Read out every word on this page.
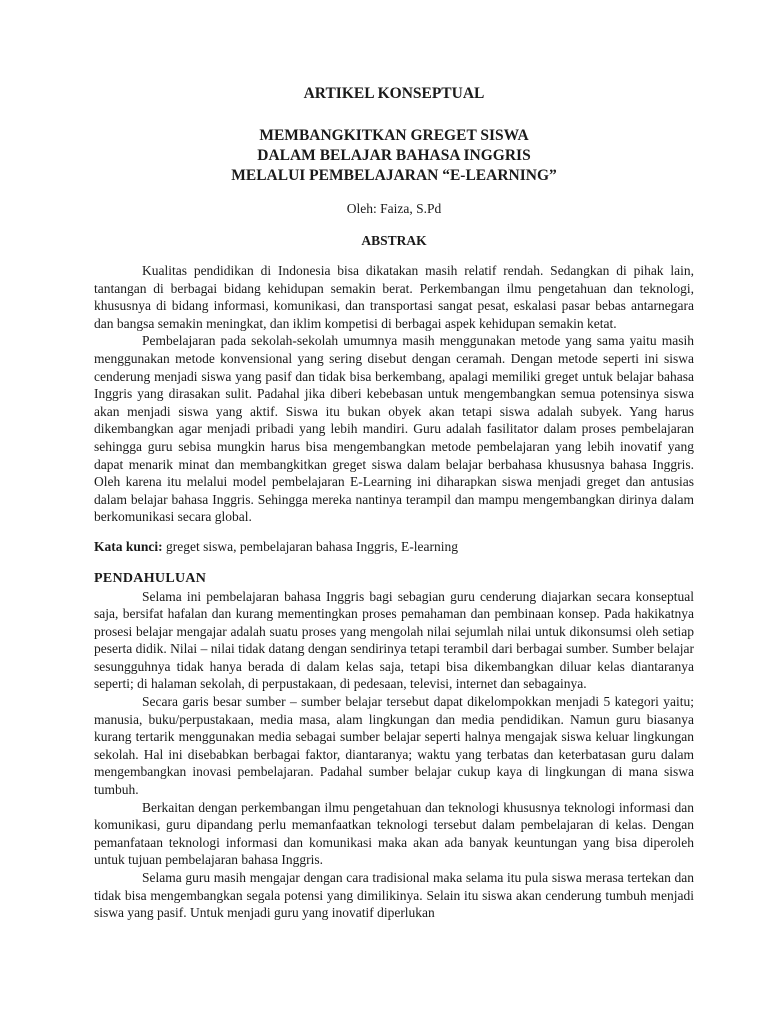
ARTIKEL KONSEPTUAL
MEMBANGKITKAN GREGET SISWA
DALAM BELAJAR BAHASA INGGRIS
MELALUI PEMBELAJARAN “E-LEARNING”
Oleh: Faiza, S.Pd
ABSTRAK

Kualitas pendidikan di Indonesia bisa dikatakan masih relatif rendah. Sedangkan di pihak lain, tantangan di berbagai bidang kehidupan semakin berat. Perkembangan ilmu pengetahuan dan teknologi, khususnya di bidang informasi, komunikasi, dan transportasi sangat pesat, eskalasi pasar bebas antarnegara dan bangsa semakin meningkat, dan iklim kompetisi di berbagai aspek kehidupan semakin ketat.

Pembelajaran pada sekolah-sekolah umumnya masih menggunakan metode yang sama yaitu masih menggunakan metode konvensional yang sering disebut dengan ceramah. Dengan metode seperti ini siswa cenderung menjadi siswa yang pasif dan tidak bisa berkembang, apalagi memiliki greget untuk belajar bahasa Inggris yang dirasakan sulit. Padahal jika diberi kebebasan untuk mengembangkan semua potensinya siswa akan menjadi siswa yang aktif. Siswa itu bukan obyek akan tetapi siswa adalah subyek. Yang harus dikembangkan agar menjadi pribadi yang lebih mandiri. Guru adalah fasilitator dalam proses pembelajaran sehingga guru sebisa mungkin harus bisa mengembangkan metode pembelajaran yang lebih inovatif yang dapat menarik minat dan membangkitkan greget siswa dalam belajar berbahasa khususnya bahasa Inggris. Oleh karena itu melalui model pembelajaran E-Learning ini diharapkan siswa menjadi greget dan antusias dalam belajar bahasa Inggris. Sehingga mereka nantinya terampil dan mampu mengembangkan dirinya dalam berkomunikasi secara global.

Kata kunci: greget siswa, pembelajaran bahasa Inggris, E-learning
PENDAHULUAN

Selama ini pembelajaran bahasa Inggris bagi sebagian guru cenderung diajarkan secara konseptual saja, bersifat hafalan dan kurang mementingkan proses pemahaman dan pembinaan konsep. Pada hakikatnya prosesi belajar mengajar adalah suatu proses yang mengolah nilai sejumlah nilai untuk dikonsumsi oleh setiap peserta didik. Nilai – nilai tidak datang dengan sendirinya tetapi terambil dari berbagai sumber. Sumber belajar sesungguhnya tidak hanya berada di dalam kelas saja, tetapi bisa dikembangkan diluar kelas diantaranya seperti; di halaman sekolah, di perpustakaan, di pedesaan, televisi, internet dan sebagainya.

Secara garis besar sumber – sumber belajar tersebut dapat dikelompokkan menjadi 5 kategori yaitu; manusia, buku/perpustakaan, media masa, alam lingkungan dan media pendidikan. Namun guru biasanya kurang tertarik menggunakan media sebagai sumber belajar seperti halnya mengajak siswa keluar lingkungan sekolah. Hal ini disebabkan berbagai faktor, diantaranya; waktu yang terbatas dan keterbatasan guru dalam mengembangkan inovasi pembelajaran. Padahal sumber belajar cukup kaya di lingkungan di mana siswa tumbuh.

Berkaitan dengan perkembangan ilmu pengetahuan dan teknologi khususnya teknologi informasi dan komunikasi, guru dipandang perlu memanfaatkan teknologi tersebut dalam pembelajaran di kelas. Dengan pemanfataan teknologi informasi dan komunikasi maka akan ada banyak keuntungan yang bisa diperoleh untuk tujuan pembelajaran bahasa Inggris.

Selama guru masih mengajar dengan cara tradisional maka selama itu pula siswa merasa tertekan dan tidak bisa mengembangkan segala potensi yang dimilikinya. Selain itu siswa akan cenderung tumbuh menjadi siswa yang pasif. Untuk menjadi guru yang inovatif diperlukan
